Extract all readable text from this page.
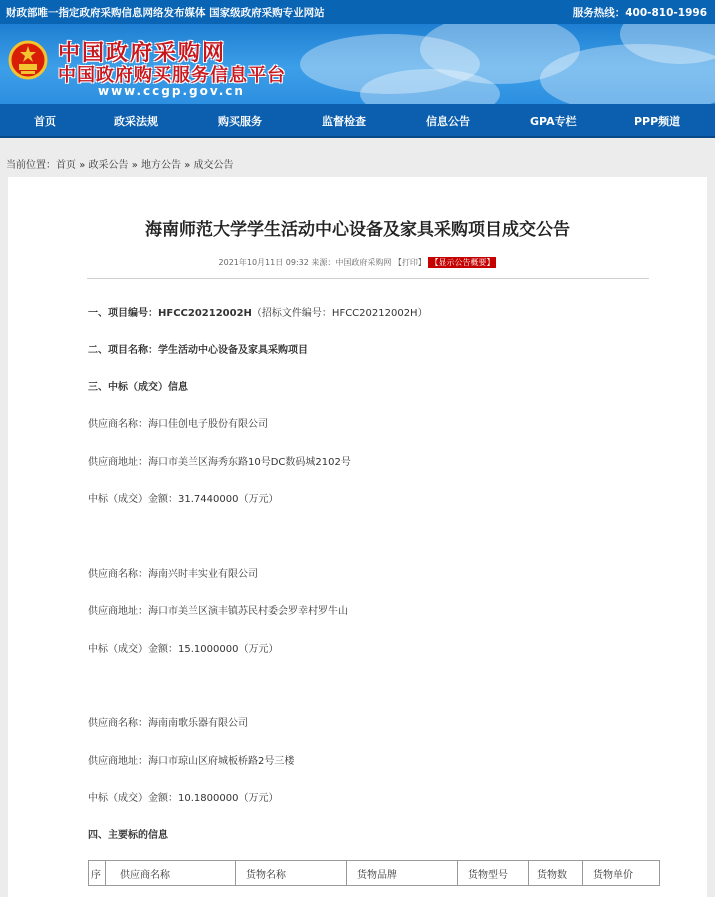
财政部唯一指定政府采购信息网络发布媒体 国家级政府采购专业网站	服务热线：400-810-1996
中国政府采购网
中国政府购买服务信息平台
www.ccgp.gov.cn
首页	政采法规	购买服务	监督检查	信息公告	GPA专栏	PPP频道
当前位置：首页 » 政采公告 » 地方公告 » 成交公告
海南师范大学学生活动中心设备及家具采购项目成交公告
2021年10月11日 09:32 来源：中国政府采购网 【打印】 【显示公告概要】
一、项目编号：HFCC20212002H（招标文件编号：HFCC20212002H）
二、项目名称：学生活动中心设备及家具采购项目
三、中标（成交）信息
供应商名称：海口佳创电子股份有限公司
供应商地址：海口市美兰区海秀东路10号DC数码城2102号
中标（成交）金额：31.7440000（万元）
供应商名称：海南兴时丰实业有限公司
供应商地址：海口市美兰区演丰镇苏民村委会罗幸村罗牛山
中标（成交）金额：15.1000000（万元）
供应商名称：海南南歌乐器有限公司
供应商地址：海口市琼山区府城板桥路2号三楼
中标（成交）金额：10.1800000（万元）
四、主要标的信息
序	供应商名称	货物名称	货物品牌	货物型号	货物数	货物单价
